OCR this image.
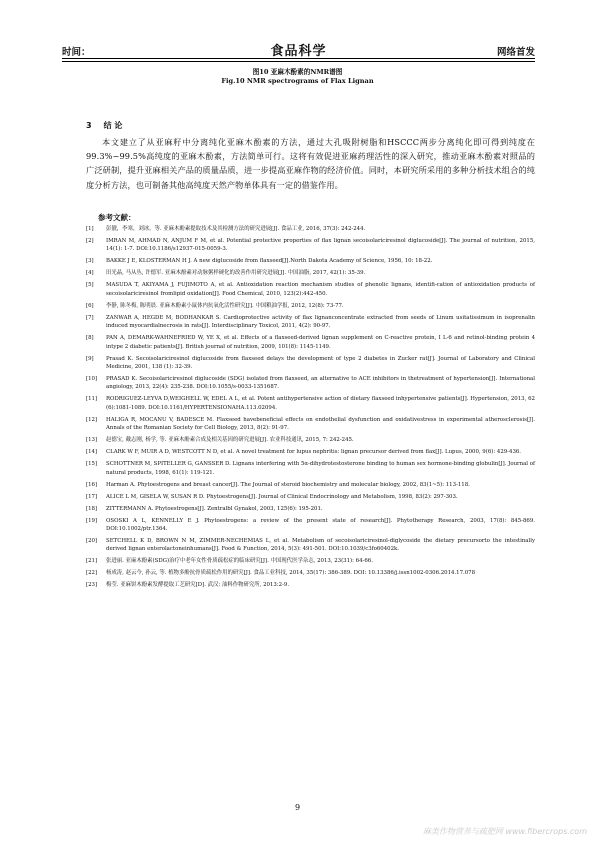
时间：	食品科学	网络首发
图10 亚麻木酚素的NMR谱图
Fig.10 NMR spectrograms of Flax Lignan
3 结 论
本文建立了从亚麻籽中分离纯化亚麻木酚素的方法，通过大孔吸附树脂和HSCCC两步分离纯化即可得到纯度在99.3%~99.5%高纯度的亚麻木酚素，方法简单可行。这将有效促进亚麻药理活性的深入研究，推动亚麻木酚素对照品的广泛研制，提升亚麻相关产品的质量品质，进一步提高亚麻作物的经济价值。同时，本研究所采用的多种分析技术组合的纯度分析方法，也可制备其他高纯度天然产物单体具有一定的借鉴作用。
参考文献：
[1] 彭靓，李寒，刘冰，等. 亚麻木酚素提取技术及其检测方法的研究进展[J]. 食品工业, 2016, 37(3): 242-244.
[2] IMRAN M, AHMAD N, ANJUM F M, et al. Potential protective properties of flax lignan secoisolariciresinol diglucoside[J]. The journal of nutrition, 2015, 14(1): 1-7. DOI:10.1186/s12937-015-0059-3.
[3] BAKKE J E, KLOSTERMAN H J. A new diglucoside from flaxseed[J].North Dakota Academy of Science, 1956, 10: 18-22.
[4] 田光晶, 马从丛, 许德军. 亚麻木酚素对动脉粥样硬化的改善作用研究进展[J]. 中国油脂, 2017, 42(1): 35-39.
[5] MASUDA T, AKIYAMA J, FUJIMOTO A, et al. Antioxidation reaction mechanism studies of phenolic lignans, identifi-cation of antioxidation products of secoisolariciresinol fromlipid oxidation[J]. Food Chemical, 2010, 123(2):442-450.
[6] 李静, 陈冬梅, 陈明晨. 亚麻木酚素小鼠体内抗氧化活性研究[J]. 中国粮油学报, 2012, 12(8): 73-77.
[7] ZANWAR A, HEGDE M, BODHANKAR S. Cardioprotective activity of flax lignanconcentrate extracted from seeds of Linum usitatissimum in isoprenalin induced myocardialnecrosis in rats[J]. Interdisciplinary Toxicol, 2011, 4(2): 90-97.
[8] PAN A, DEMARK-WAHNEFRIED W, YE X, et al. Effects of a flaxseed-derived lignan supplement on C-reactive protein, I L-6 and retinol-binding protein 4 intype 2 diabetic patients[J]. British journal of nutrition, 2009, 101(8): 1145-1149.
[9] Prasad K. Secoisolariciresinol diglucoside from flaxseed delays the development of type 2 diabetes in Zucker rat[J]. Journal of Laboratory and Clinical Medicine, 2001, 138 (1): 32-39.
[10] PRASAD K. Secoisolariciresinol diglucoside (SDG) isolated from flaxseed, an alternative to ACE inhibitors in thetreatment of hypertension[J]. International angiology, 2013, 22(4): 235-238. DOI:10.1055/s-0033-1351687.
[11] RODRIGUEZ-LEYVA D,WEIGHELL W, EDEL A L, et al. Potent antihypertensive action of dietary flaxseed inhypertensive patients[J]. Hypertension, 2013, 62 (6):1081-1089. DOI:10.1161/HYPERTENSIONAHA.113.02094.
[12] HALIGA R, MOCANU V, BADESCE M. Flaxseed havebeneficial effects on endothelial dysfunction and oxidativestress in experimental atherosclerosis[J]. Annals of the Romanian Society for Cell Biology, 2013, 8(2): 91-97.
[13] 赵德宝, 戴志刚, 杨学, 等. 亚麻木酚素合成及相关基因的研究进展[J]. 农业科技通讯, 2015, 7: 242-245.
[14] CLARK W F, MUIR A D, WESTCOTT N D, et al. A novel treatment for lupus nephritis: lignan precursor derived from flax[J]. Lupus, 2000, 9(6): 429-436.
[15] SCHOTTNER M, SPITELLER G, GANSSER D. Lignans interfering with 5α-dihydrotestosterone binding to human sex hormone-binding globulin[J]. Journal of natural products, 1998, 61(1): 119-121.
[16] Harman A. Phytoestrogens and breast cancer[J]. The Journal of steroid biochemistry and molecular biology, 2002, 83(1~5): 113-118.
[17] ALICE L M, GISELA W, SUSAN R D. Phytoestrogens[J]. Journal of Clinical Endocrinology and Metabolism, 1998, 83(2): 297-303.
[18] ZITTERMANN A. Phytoestrogens[J]. Zentralbl Gynakol, 2003, 125(6): 195-201.
[19] OSOSKI A L, KENNELLY E J. Phytoestrogens: a review of the present state of research[J]. Phytotherapy Research, 2003, 17(8): 845-869. DOI:10.1002/ptr.1364.
[20] SETCHELL K D, BROWN N M, ZIMMER-NECHEMIAS L, et al. Metabolism of secoisolariciresinol-diglycoside the dietary precursorto the intestinally derived lignan enterolactoneinhumans[J]. Food & Function, 2014, 5(3): 491-501. DOI:10.1039/c3fo60402k.
[21] 张进丽. 亚麻木酚素(SDG)治疗中老年女性骨质疏松症的临床研究[J]. 中国现代医学杂志, 2013, 23(31): 64-66.
[22] 杨成涛, 赵云今, 孙云, 等. 植物多酚抗骨质疏松作用的研究[J]. 食品工业科技, 2014, 35(17): 386-389. DOI: 10.13386/j.issn1002-0306.2014.17.078
[23] 梅莹. 亚麻饼木酚素发酵提取工艺研究[D]. 武汉: 油料作物研究所, 2013:2-9.
9
麻类作物营养与疏肥网 www.fibercrops.com
